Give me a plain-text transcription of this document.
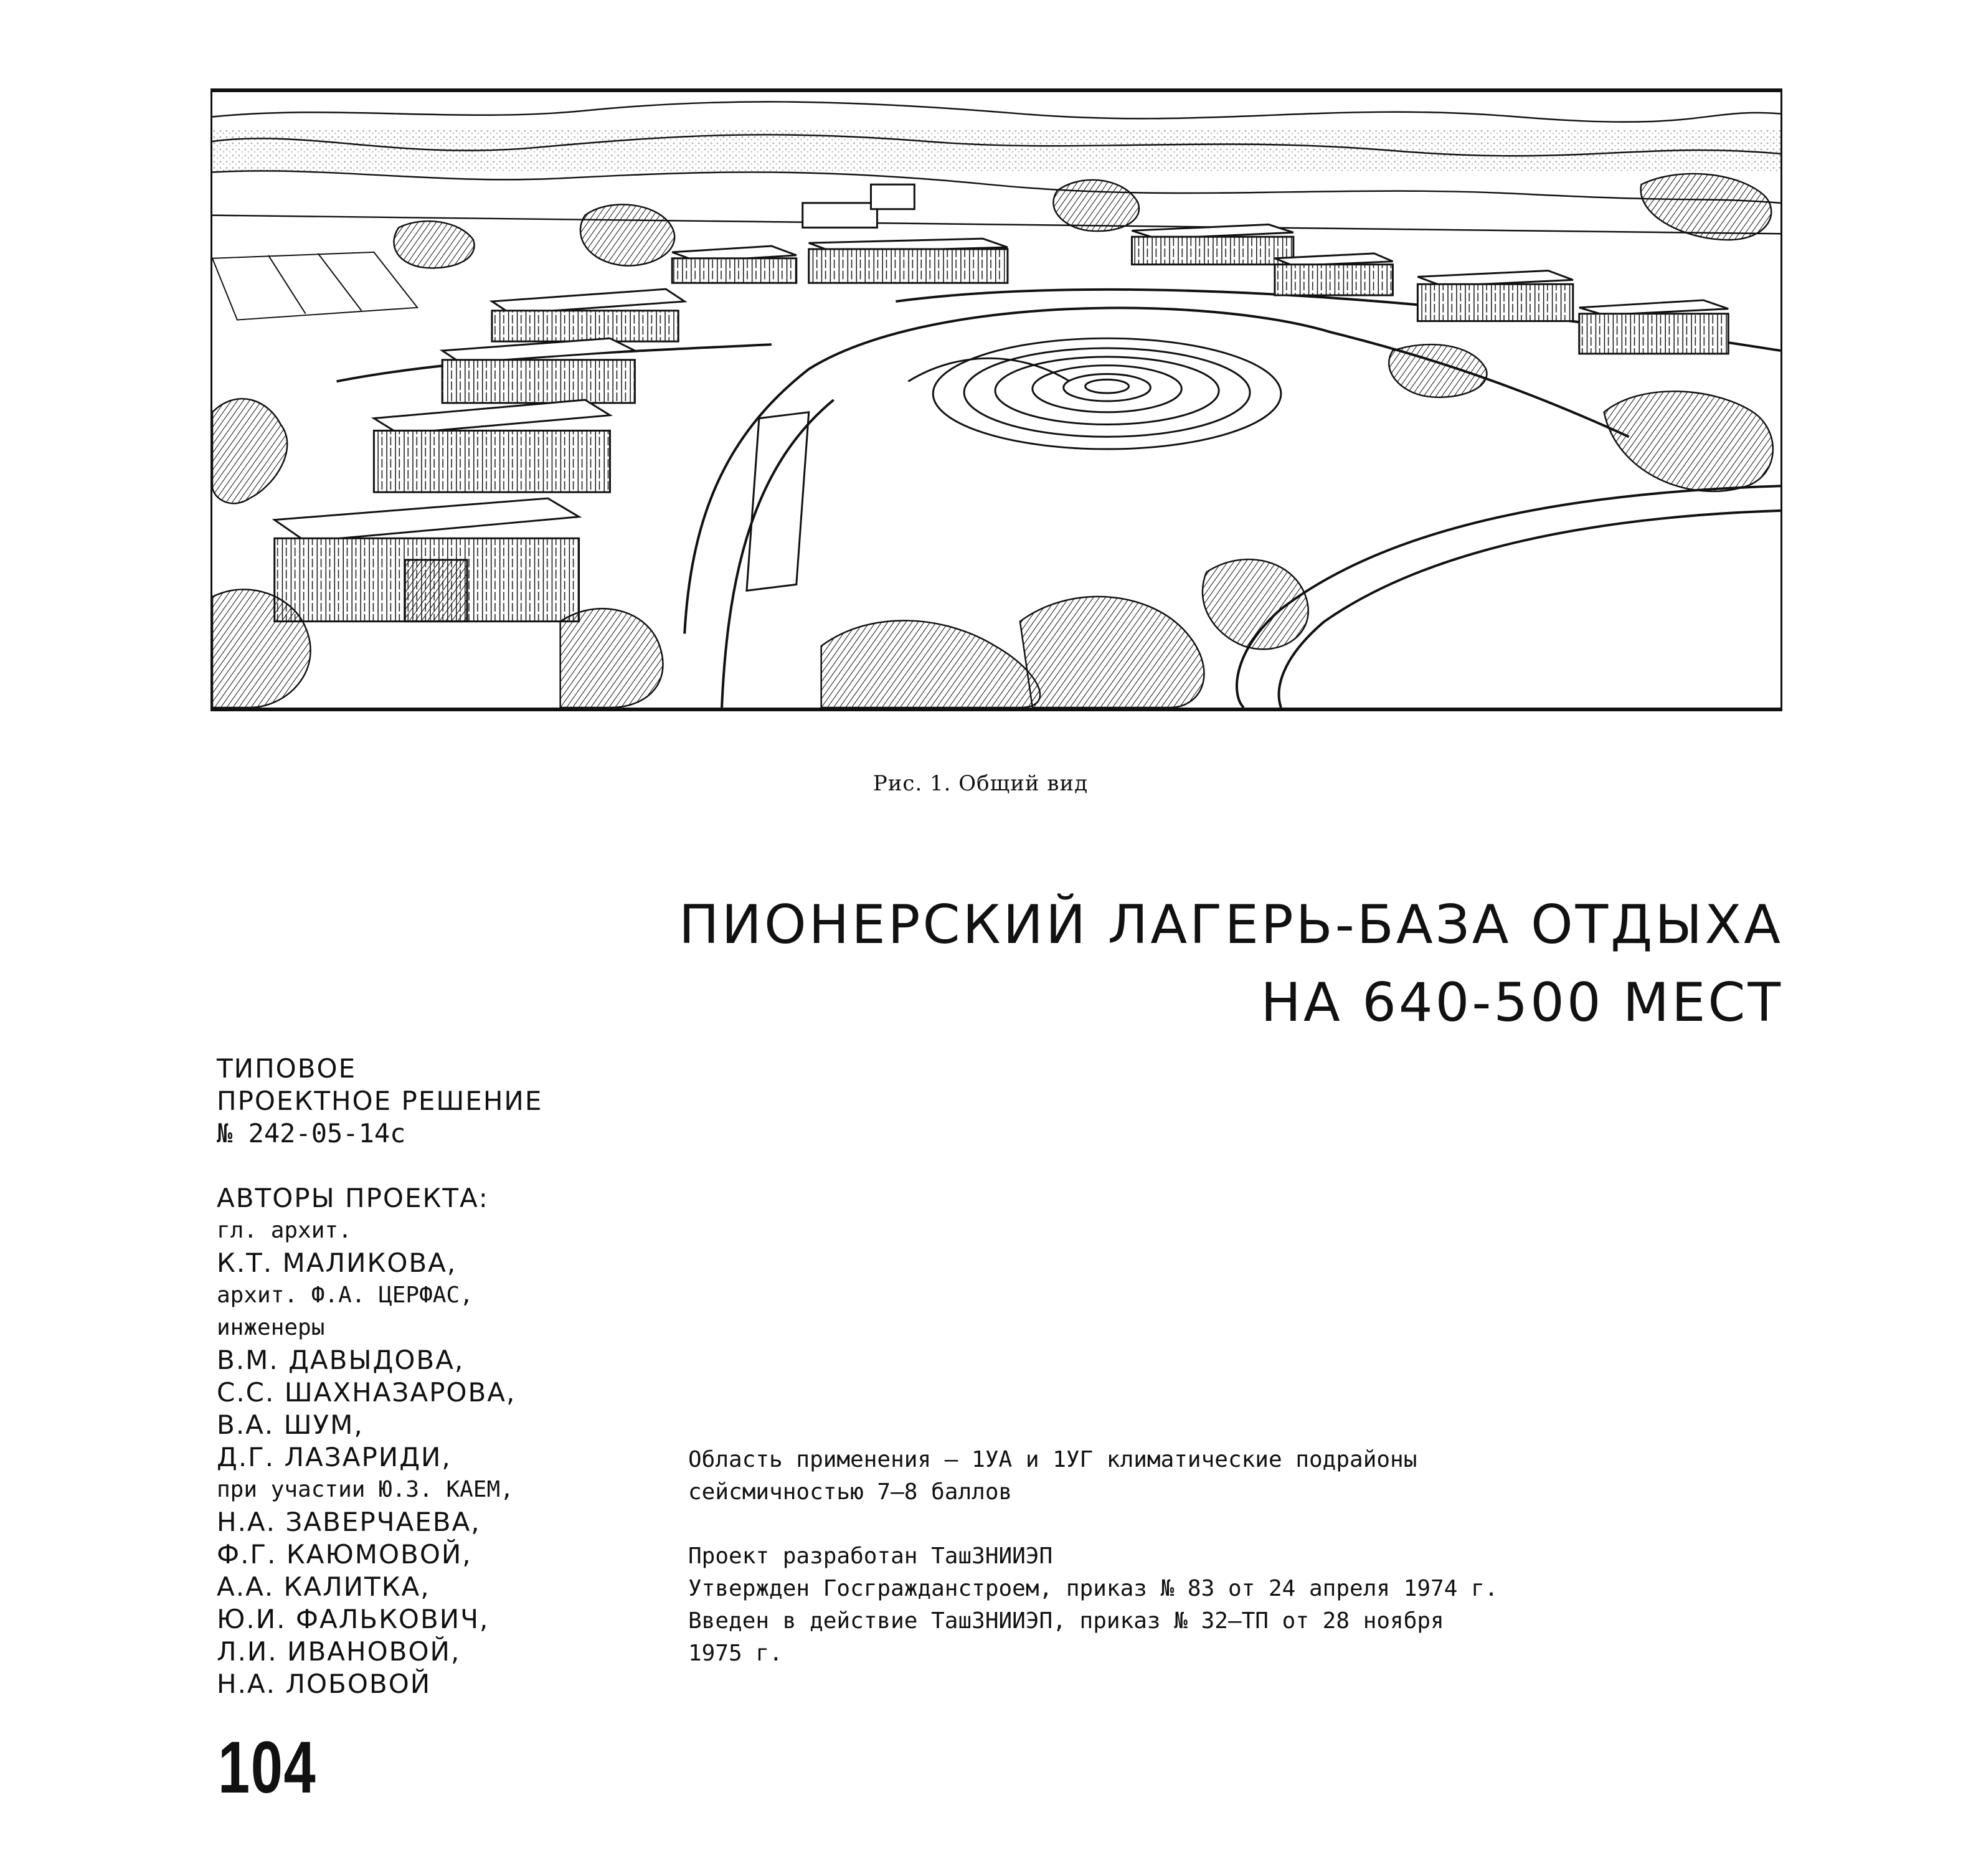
Рис. 1. Общий вид
ПИОНЕРСКИЙ ЛАГЕРЬ-БАЗА ОТДЫХА
НА 640-500 МЕСТ
ТИПОВОЕ
ПРОЕКТНОЕ РЕШЕНИЕ
№ 242-05-14с
АВТОРЫ ПРОЕКТА:
гл. архит.
К.Т. МАЛИКОВА,
архит. Ф.А. ЦЕРФАС,
инженеры
В.М. ДАВЫДОВА,
С.С. ШАХНАЗАРОВА,
В.А. ШУМ,
Д.Г. ЛАЗАРИДИ,
при участии Ю.З. КАЕМ,
Н.А. ЗАВЕРЧАЕВА,
Ф.Г. КАЮМОВОЙ,
А.А. КАЛИТКА,
Ю.И. ФАЛЬКОВИЧ,
Л.И. ИВАНОВОЙ,
Н.А. ЛОБОВОЙ
Область применения – 1УА и 1УГ климатические подрайоны
сейсмичностью 7–8 баллов
Проект разработан ТашЗНИИЭП
Утвержден Госгражданстроем, приказ № 83 от 24 апреля 1974 г.
Введен в действие ТашЗНИИЭП, приказ № 32–ТП от 28 ноября
1975 г.
104
